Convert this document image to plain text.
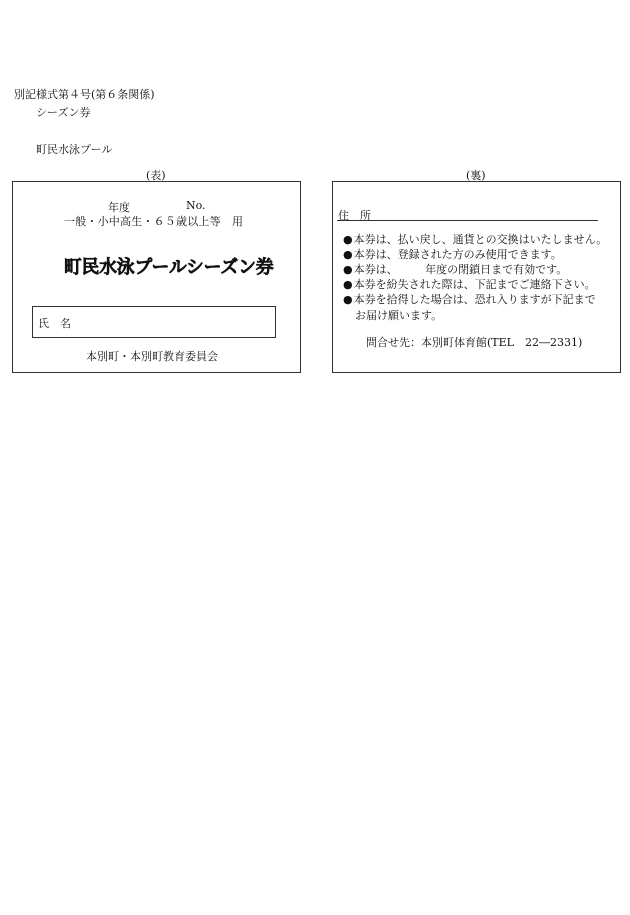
別記様式第４号(第６条関係)
シーズン券
町民水泳プール
(表)	(裏)
年度	No.
一般・小中高生・６５歳以上等　用
町民水泳プールシーズン券
氏　名
本別町・本別町教育委員会
住　所
●本券は、払い戻し、通貨との交換はいたしません。
●本券は、登録された方のみ使用できます。
●本券は、　　　年度の閉鎖日まで有効です。
●本券を紛失された際は、下記までご連絡下さい。
●本券を拾得した場合は、恐れ入りますが下記まで
お届け願います。
問合せ先：本別町体育館(TEL　22―2331)
